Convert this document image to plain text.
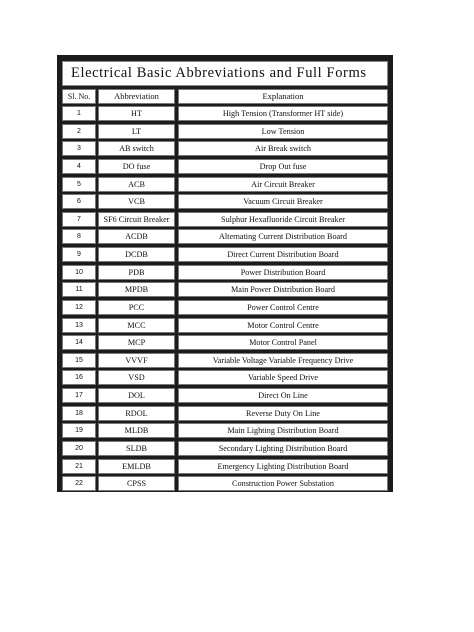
Electrical Basic Abbreviations and Full Forms
Sl. No.	Abbreviation	Explanation
1	HT	High Tension (Transformer HT side)
2	LT	Low Tension
3	AB switch	Air Break switch
4	DO fuse	Drop Out fuse
5	ACB	Air Circuit Breaker
6	VCB	Vacuum Circuit Breaker
7	SF6 Circuit Breaker	Sulphur Hexafluoride Circuit Breaker
8	ACDB	Alternating Current Distribution Board
9	DCDB	Direct Current Distribution Board
10	PDB	Power Distribution Board
11	MPDB	Main Power Distribution Board
12	PCC	Power Control Centre
13	MCC	Motor Control Centre
14	MCP	Motor Control Panel
15	VVVF	Variable Voltage Variable Frequency Drive
16	VSD	Variable Speed Drive
17	DOL	Direct On Line
18	RDOL	Reverse Duty On Line
19	MLDB	Main Lighting Distribution Board
20	SLDB	Secondary Lighting Distribution Board
21	EMLDB	Emergency Lighting Distribution Board
22	CPSS	Construction Power Substation
